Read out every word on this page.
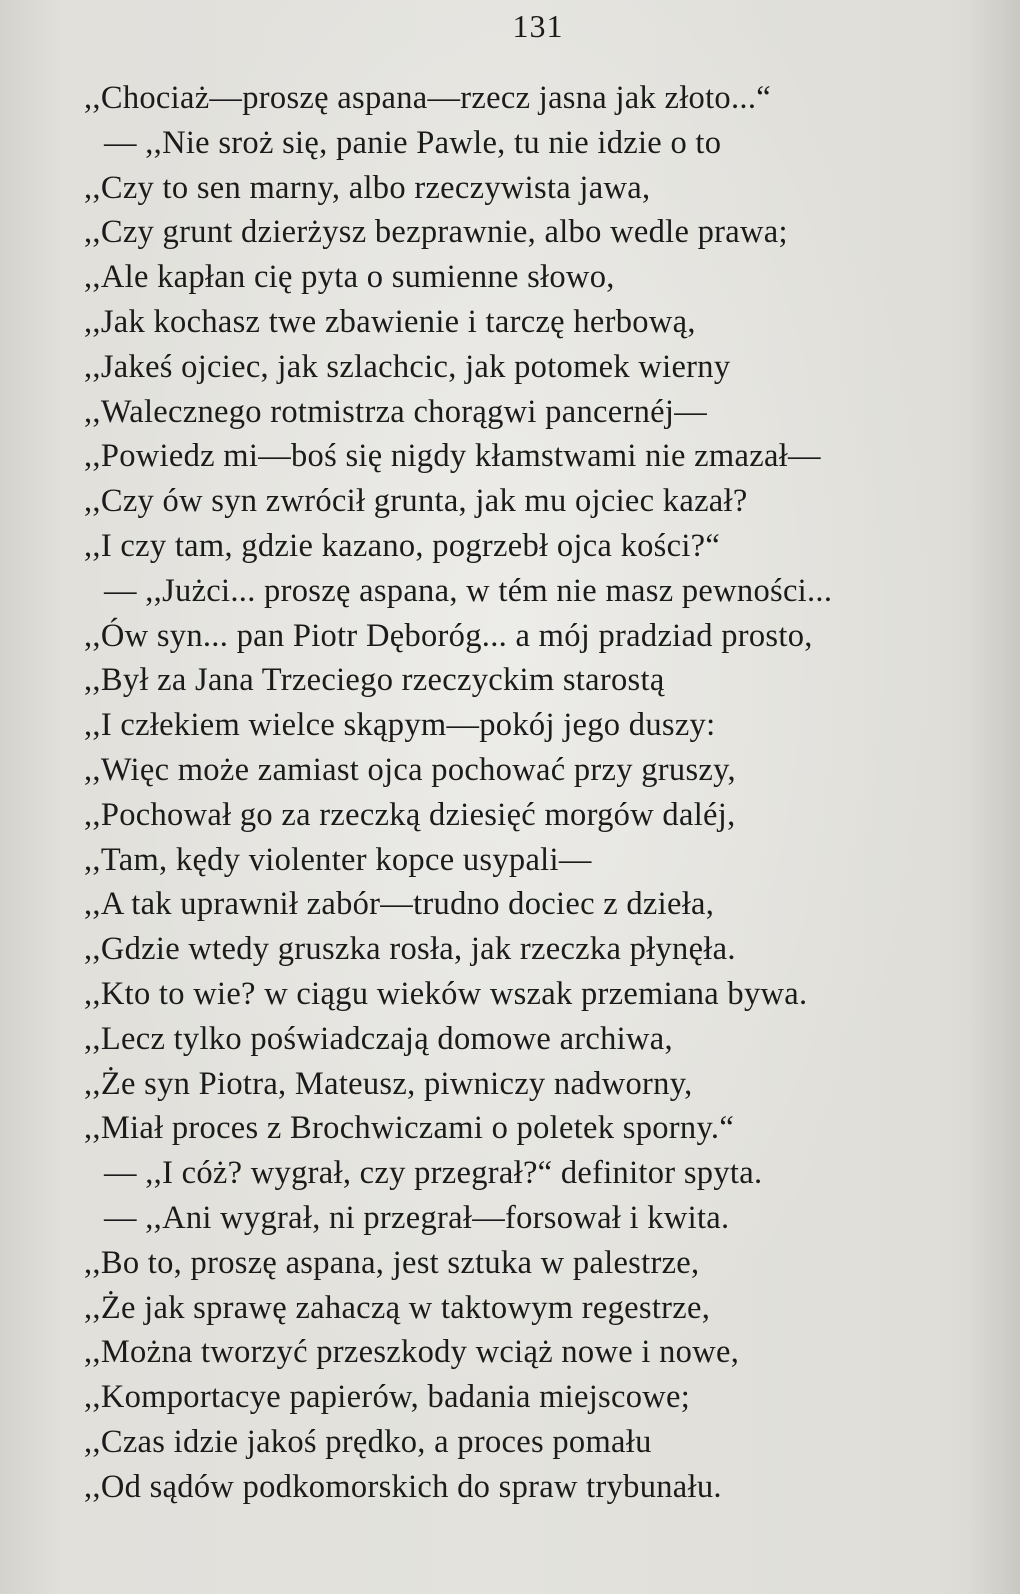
131
,,Chociaż—proszę aspana—rzecz jasna jak złoto...“
— ,,Nie sroż się, panie Pawle, tu nie idzie o to
,,Czy to sen marny, albo rzeczywista jawa,
,,Czy grunt dzierżysz bezprawnie, albo wedle prawa;
,,Ale kapłan cię pyta o sumienne słowo,
,,Jak kochasz twe zbawienie i tarczę herbową,
,,Jakeś ojciec, jak szlachcic, jak potomek wierny
,,Walecznego rotmistrza chorągwi pancernéj—
,,Powiedz mi—boś się nigdy kłamstwami nie zmazał—
,,Czy ów syn zwrócił grunta, jak mu ojciec kazał?
,,I czy tam, gdzie kazano, pogrzebł ojca kości?“
— ,,Jużci... proszę aspana, w tém nie masz pewności...
,,Ów syn... pan Piotr Dęboróg... a mój pradziad prosto,
,,Był za Jana Trzeciego rzeczyckim starostą
,,I człekiem wielce skąpym—pokój jego duszy:
,,Więc może zamiast ojca pochować przy gruszy,
,,Pochował go za rzeczką dziesięć morgów daléj,
,,Tam, kędy violenter kopce usypali—
,,A tak uprawnił zabór—trudno dociec z dzieła,
,,Gdzie wtedy gruszka rosła, jak rzeczka płynęła.
,,Kto to wie? w ciągu wieków wszak przemiana bywa.
,,Lecz tylko poświadczają domowe archiwa,
,,Że syn Piotra, Mateusz, piwniczy nadworny,
,,Miał proces z Brochwiczami o poletek sporny.“
— ,,I cóż? wygrał, czy przegrał?“ definitor spyta.
— ,,Ani wygrał, ni przegrał—forsował i kwita.
,,Bo to, proszę aspana, jest sztuka w palestrze,
,,Że jak sprawę zahaczą w taktowym regestrze,
,,Można tworzyć przeszkody wciąż nowe i nowe,
,,Komportacye papierów, badania miejscowe;
,,Czas idzie jakoś prędko, a proces pomału
,,Od sądów podkomorskich do spraw trybunału.
